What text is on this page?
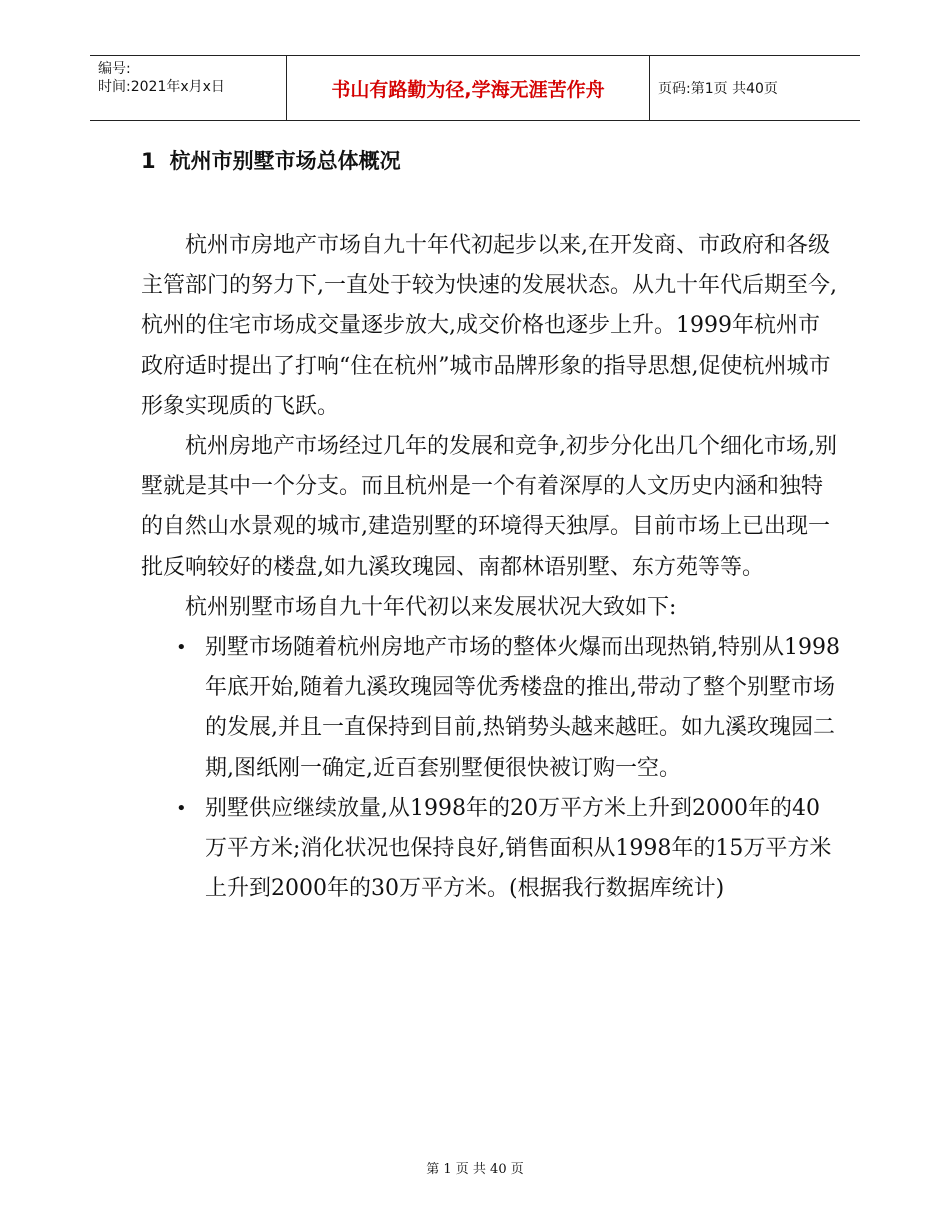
编号:
时间:2021年x月x日	书山有路勤为径,学海无涯苦作舟	页码:第1页 共40页
1 杭州市别墅市场总体概况

杭州市房地产市场自九十年代初起步以来,在开发商、市政府和各级主管部门的努力下,一直处于较为快速的发展状态。从九十年代后期至今,杭州的住宅市场成交量逐步放大,成交价格也逐步上升。1999年杭州市政府适时提出了打响“住在杭州”城市品牌形象的指导思想,促使杭州城市形象实现质的飞跃。

杭州房地产市场经过几年的发展和竞争,初步分化出几个细化市场,别墅就是其中一个分支。而且杭州是一个有着深厚的人文历史内涵和独特的自然山水景观的城市,建造别墅的环境得天独厚。目前市场上已出现一批反响较好的楼盘,如九溪玫瑰园、南都林语别墅、东方苑等等。

杭州别墅市场自九十年代初以来发展状况大致如下:

• 别墅市场随着杭州房地产市场的整体火爆而出现热销,特别从1998年底开始,随着九溪玫瑰园等优秀楼盘的推出,带动了整个别墅市场的发展,并且一直保持到目前,热销势头越来越旺。如九溪玫瑰园二期,图纸刚一确定,近百套别墅便很快被订购一空。
• 别墅供应继续放量,从1998年的20万平方米上升到2000年的40万平方米;消化状况也保持良好,销售面积从1998年的15万平方米上升到2000年的30万平方米。(根据我行数据库统计)
第 1 页 共 40 页
